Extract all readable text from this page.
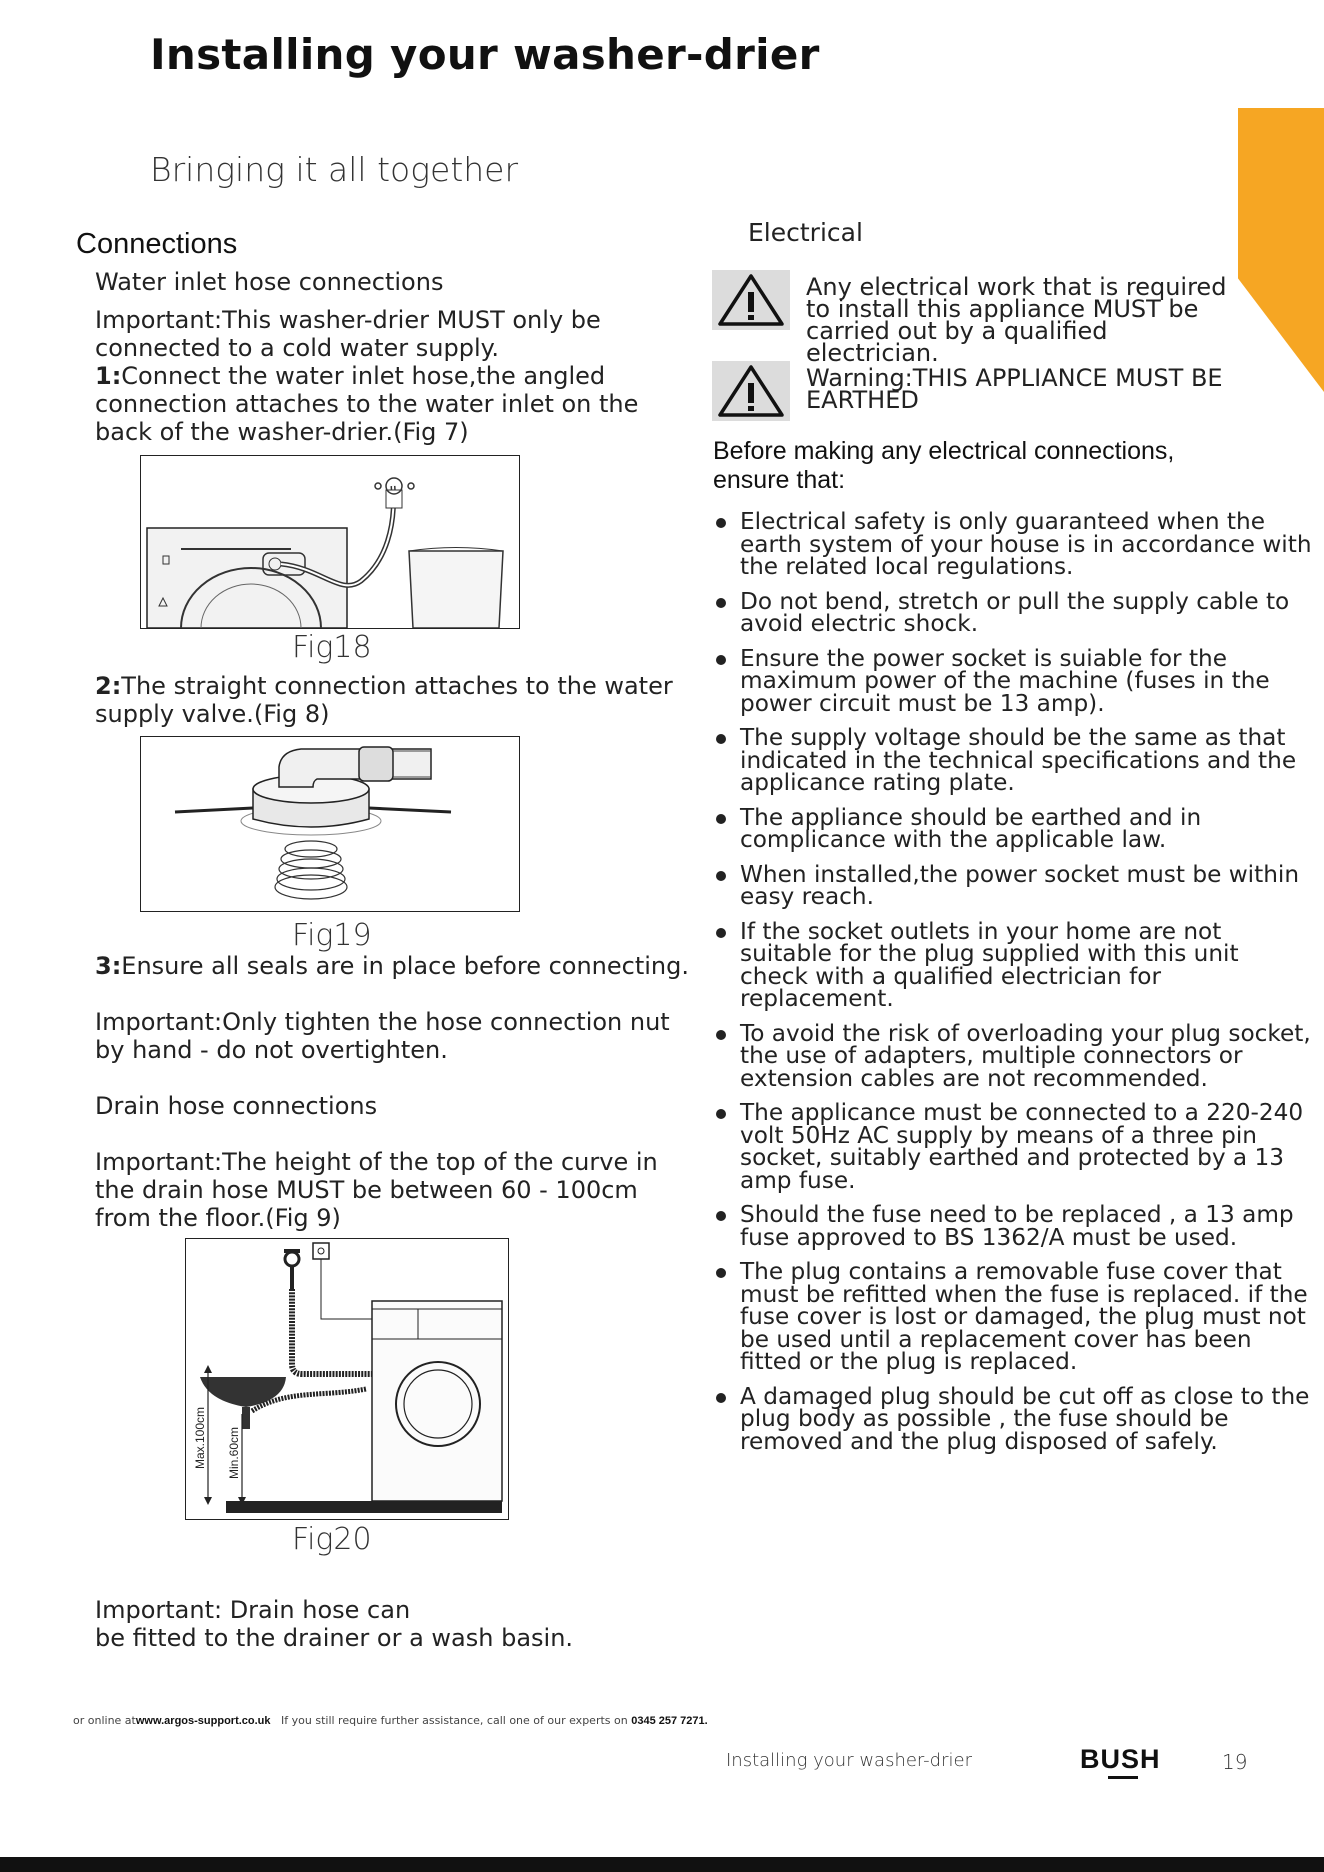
Installing your washer-drier
Bringing it all together
Connections
Water inlet hose connections
Important:This washer-drier MUST only be connected to a cold water supply.
1:Connect the water inlet hose,the angled connection attaches to the water inlet on the back of the washer-drier.(Fig 7)
Fig18
2:The straight connection attaches to the water supply valve.(Fig 8)
Fig19
3:Ensure all seals are in place before connecting.
Important:Only tighten the hose connection nut by hand - do not overtighten.
Drain hose connections
Important:The height of the top of the curve in the drain hose MUST be between 60 - 100cm from the floor.(Fig 9)
Max.100cm Min.60cm
Fig20
Important: Drain hose can
be fitted to the drainer or a wash basin.
Electrical
Any electrical work that is required to install this appliance MUST be carried out by a qualified electrician.
Warning:THIS APPLIANCE MUST BE EARTHED
Before making any electrical connections, ensure that:
Electrical safety is only guaranteed when the earth system of your house is in accordance with the related local regulations.
Do not bend, stretch or pull the supply cable to avoid electric shock.
Ensure the power socket is suiable for the maximum power of the machine (fuses in the power circuit must be 13 amp).
The supply voltage should be the same as that indicated in the technical specifications and the applicance rating plate.
The appliance should be earthed and in complicance with the applicable law.
When installed,the power socket must be within easy reach.
If the socket outlets in your home are not suitable for the plug supplied with this unit check with a qualified electrician for replacement.
To avoid the risk of overloading your plug socket, the use of adapters, multiple connectors or extension cables are not recommended.
The applicance must be connected to a 220-240 volt 50Hz AC supply by means of a three pin socket, suitably earthed and protected by a 13 amp fuse.
Should the fuse need to be replaced , a 13 amp fuse approved to BS 1362/A must be used.
The plug contains a removable fuse cover that must be refitted when the fuse is replaced. if the fuse cover is lost or damaged, the plug must not be used until a replacement cover has been fitted or the plug is replaced.
A damaged plug should be cut off as close to the plug body as possible , the fuse should be removed and the plug disposed of safely.
or online atwww.argos-support.co.uk If you still require further assistance, call one of our experts on 0345 257 7271.
Installing your washer-drier	BUSH	19
